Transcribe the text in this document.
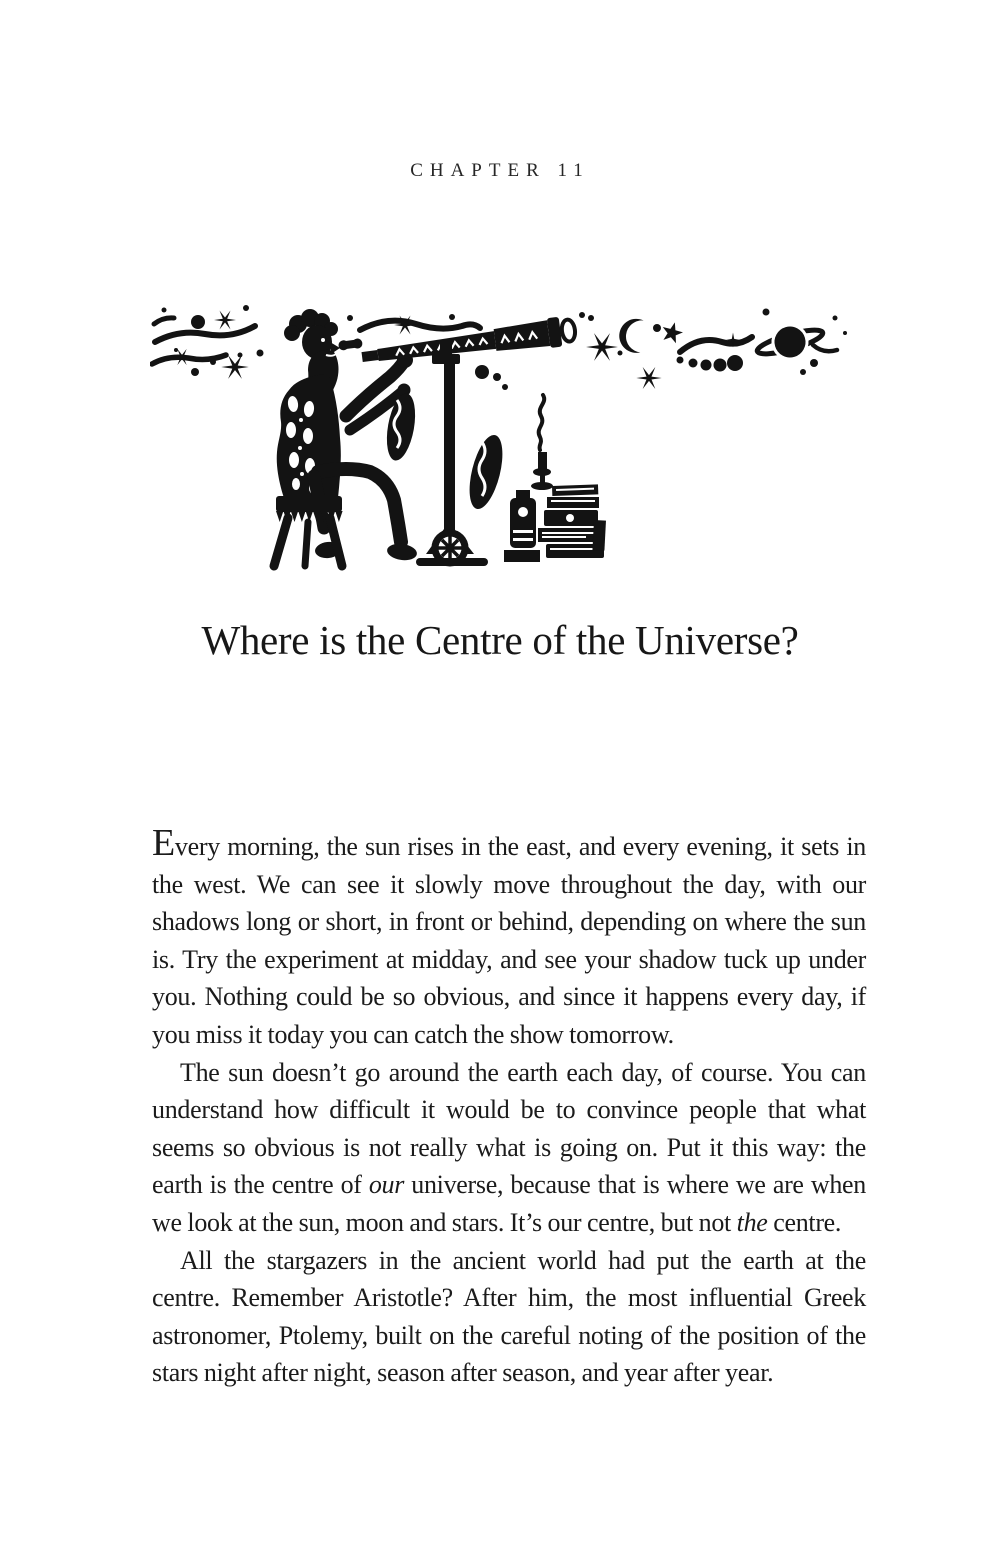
CHAPTER 11
Where is the Centre of the Universe?

Every morning, the sun rises in the east, and every evening, it sets in the west. We can see it slowly move throughout the day, with our shadows long or short, in front or behind, depending on where the sun is. Try the experiment at midday, and see your shadow tuck up under you. Nothing could be so obvious, and since it happens every day, if you miss it today you can catch the show tomorrow.

The sun doesn’t go around the earth each day, of course. You can understand how difficult it would be to convince people that what seems so obvious is not really what is going on. Put it this way: the earth is the centre of our universe, because that is where we are when we look at the sun, moon and stars. It’s our centre, but not the centre.

All the stargazers in the ancient world had put the earth at the centre. Remember Aristotle? After him, the most influential Greek astronomer, Ptolemy, built on the careful noting of the position of the stars night after night, season after season, and year after year.
